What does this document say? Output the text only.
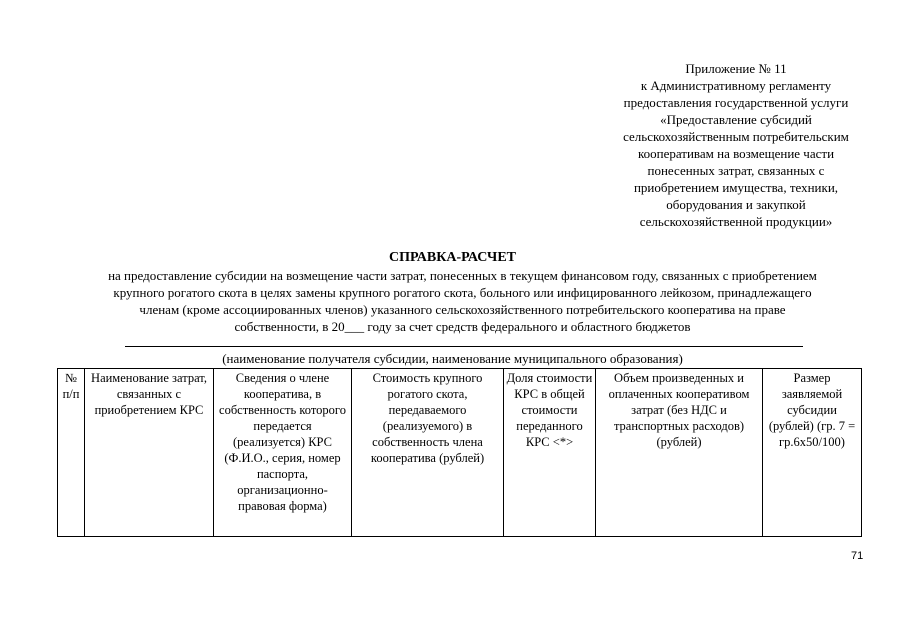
Приложение № 11
к Административному регламенту
предоставления государственной услуги
«Предоставление субсидий
сельскохозяйственным потребительским
кооперативам на возмещение части
понесенных затрат, связанных с
приобретением имущества, техники,
оборудования и закупкой
сельскохозяйственной продукции»
СПРАВКА-РАСЧЕТ
на предоставление субсидии на возмещение части затрат, понесенных в текущем финансовом году, связанных с приобретением
крупного рогатого скота в целях замены крупного рогатого скота, больного или инфицированного лейкозом, принадлежащего
членам (кроме ассоциированных членов) указанного сельскохозяйственного потребительского кооператива на праве
собственности, в 20___ году за счет средств федерального и областного бюджетов
(наименование получателя субсидии, наименование муниципального образования)
№ п/п	Наименование затрат, связанных с приобретением КРС	Сведения о члене кооператива, в собственность которого передается (реализуется) КРС (Ф.И.О., серия, номер паспорта, организационно-правовая форма)	Стоимость крупного рогатого скота, передаваемого (реализуемого) в собственность члена кооператива (рублей)	Доля стоимости КРС в общей стоимости переданного КРС <*>	Объем произведенных и оплаченных кооперативом затрат (без НДС и транспортных расходов) (рублей)	Размер заявляемой субсидии (рублей) (гр. 7 = гр.6х50/100)
71
